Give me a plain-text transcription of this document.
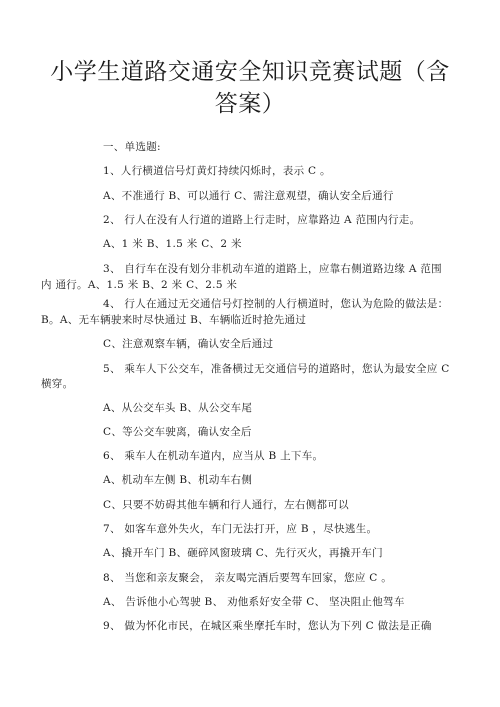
小学生道路交通安全知识竞赛试题（含
答案）
一、单选题:
1、人行横道信号灯黄灯持续闪烁时，表示 C 。
A、不准通行 B、可以通行 C、需注意观望，确认安全后通行
2、 行人在没有人行道的道路上行走时，应靠路边 A 范围内行走。
A、1 米 B、1.5 米 C、2 米
3、 自行车在没有划分非机动车道的道路上，应靠右侧道路边缘 A 范围
内 通行。A、1.5 米 B、2 米 C、2.5 米
4、 行人在通过无交通信号灯控制的人行横道时，您认为危险的做法是：
B。A、无车辆驶来时尽快通过 B、车辆临近时抢先通过
C、注意观察车辆，确认安全后通过
5、 乘车人下公交车，准备横过无交通信号的道路时，您认为最安全应 C
横穿。
A、从公交车头 B、从公交车尾
C、等公交车驶离，确认安全后
6、 乘车人在机动车道内，应当从 B 上下车。
A、机动车左侧 B、机动车右侧
C、只要不妨碍其他车辆和行人通行，左右侧都可以
7、 如客车意外失火，车门无法打开，应 B ，尽快逃生。
A、撬开车门 B、砸碎风窗玻璃 C、先行灭火，再撬开车门
8、 当您和亲友聚会， 亲友喝完酒后要驾车回家，您应 C 。
A、 告诉他小心驾驶 B、 劝他系好安全带 C、 坚决阻止他驾车
9、 做为怀化市民，在城区乘坐摩托车时，您认为下列 C 做法是正确
